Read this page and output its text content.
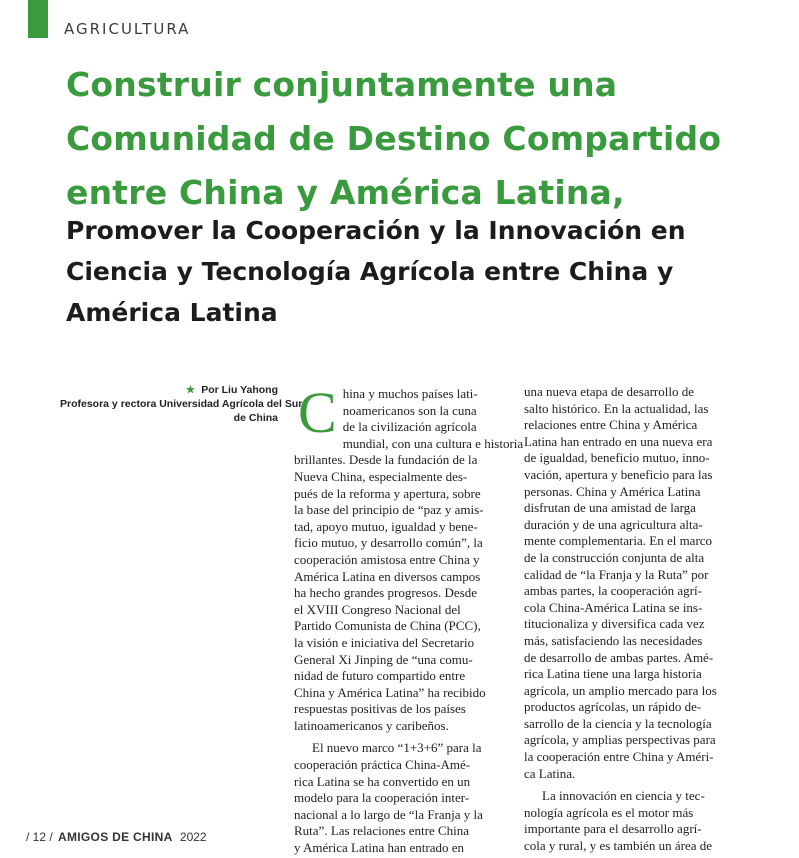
AGRICULTURA
Construir conjuntamente una
Comunidad de Destino Compartido
entre China y América Latina,
Promover la Cooperación y la Innovación en
Ciencia y Tecnología Agrícola entre China y
América Latina
★ Por Liu Yahong
Profesora y rectora Universidad Agrícola del Sur
de China C hina y muchos países lati-
noamericanos son la cuna
de la civilización agrícola
mundial, con una cultura e historia
brillantes. Desde la fundación de la
Nueva China, especialmente des-
pués de la reforma y apertura, sobre
la base del principio de “paz y amis-
tad, apoyo mutuo, igualdad y bene-
ficio mutuo, y desarrollo común”, la
cooperación amistosa entre China y
América Latina en diversos campos
ha hecho grandes progresos. Desde
el XVIII Congreso Nacional del
Partido Comunista de China (PCC),
la visión e iniciativa del Secretario
General Xi Jinping de “una comu-
nidad de futuro compartido entre
China y América Latina” ha recibido
respuestas positivas de los países
latinoamericanos y caribeños.
El nuevo marco “1+3+6” para la
cooperación práctica China-Amé-
rica Latina se ha convertido en un
modelo para la cooperación inter-
nacional a lo largo de “la Franja y la
Ruta”. Las relaciones entre China
y América Latina han entrado en
una nueva etapa de desarrollo de
salto histórico. En la actualidad, las
relaciones entre China y América
Latina han entrado en una nueva era
de igualdad, beneficio mutuo, inno-
vación, apertura y beneficio para las
personas. China y América Latina
disfrutan de una amistad de larga
duración y de una agricultura alta-
mente complementaria. En el marco
de la construcción conjunta de alta
calidad de “la Franja y la Ruta” por
ambas partes, la cooperación agrí-
cola China-América Latina se ins-
titucionaliza y diversifica cada vez
más, satisfaciendo las necesidades
de desarrollo de ambas partes. Amé-
rica Latina tiene una larga historia
agrícola, un amplio mercado para los
productos agrícolas, un rápido de-
sarrollo de la ciencia y la tecnología
agrícola, y amplias perspectivas para
la cooperación entre China y Améri-
ca Latina.
La innovación en ciencia y tec-
nología agrícola es el motor más
importante para el desarrollo agrí-
cola y rural, y es también un área de
/ 12 / AMIGOS DE CHINA 2022
